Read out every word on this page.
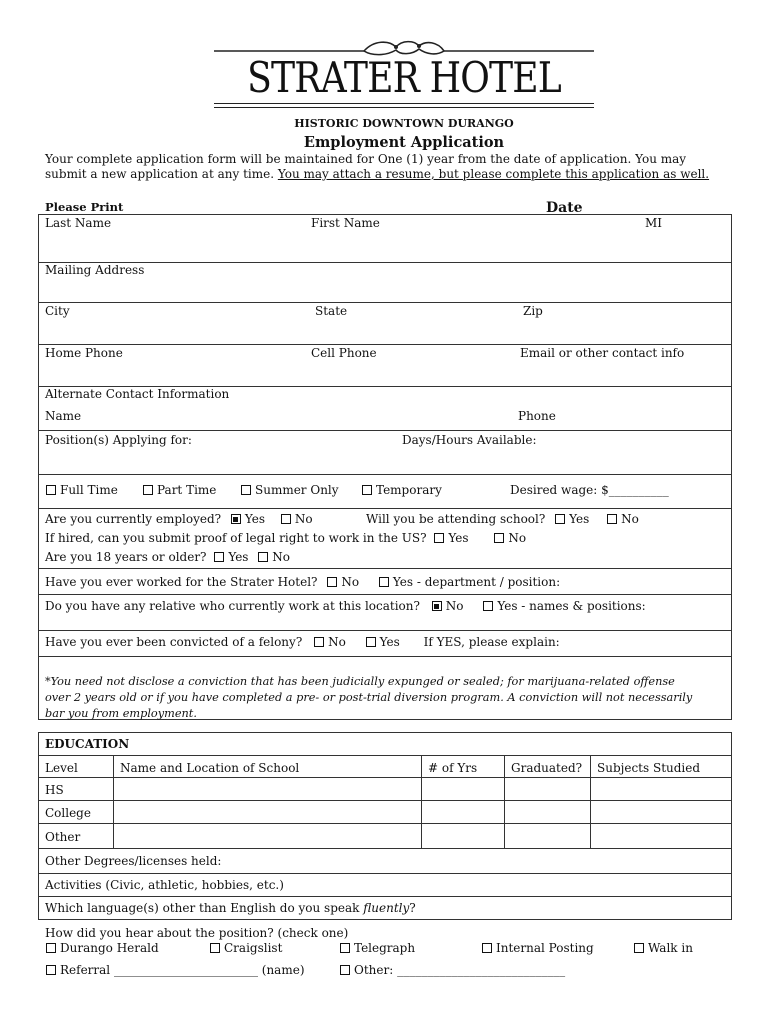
STRATER HOTEL
HISTORIC DOWNTOWN DURANGO
Employment Application
Your complete application form will be maintained for One (1) year from the date of application. You may
submit a new application at any time. You may attach a resume, but please complete this application as well.
Please Print	Date _________________
Last Name	First Name	MI
Mailing Address
City	State	Zip
Home Phone	Cell Phone	Email or other contact info
Alternate Contact Information
Name	Phone
Position(s) Applying for:	Days/Hours Available:
Full Time	Part Time	Summer Only	Temporary	Desired wage: $__________
Are you currently employed? Yes No	Will you be attending school? Yes	No
If hired, can you submit proof of legal right to work in the US? Yes	No
Are you 18 years or older? Yes No
Have you ever worked for the Strater Hotel? No	Yes - department / position:
Do you have any relative who currently work at this location? No	Yes - names & positions:
Have you ever been convicted of a felony? No	Yes If YES, please explain:
*You need not disclose a conviction that has been judicially expunged or sealed; for marijuana-related offense
over 2 years old or if you have completed a pre- or post-trial diversion program. A conviction will not necessarily
bar you from employment.
EDUCATION
Level	Name and Location of School	# of Yrs	Graduated? Subjects Studied
HS
College
Other
Other Degrees/licenses held:
Activities (Civic, athletic, hobbies, etc.)
Which language(s) other than English do you speak fluently?
How did you hear about the position? (check one)
Durango Herald	Craigslist	Telegraph	Internal Posting	Walk in
Referral ________________________ (name)	Other: ____________________________
